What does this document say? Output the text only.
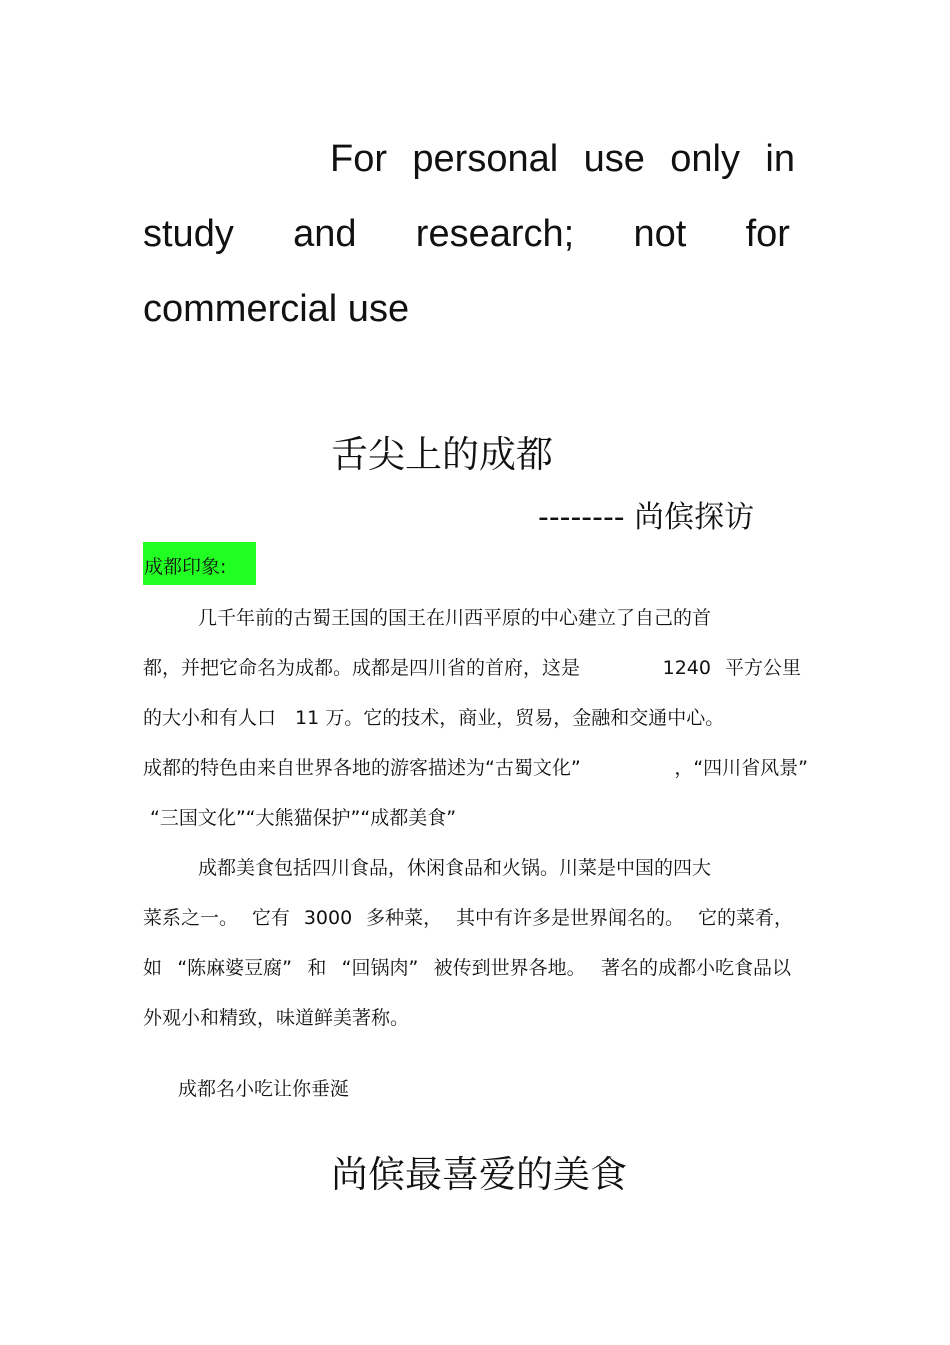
For personal use only in
study and research; not for
commercial use
舌尖上的成都
-------- 尚傧探访
成都印象:
几千年前的古蜀王国的国王在川西平原的中心建立了自己的首
都，并把它命名为成都。成都是四川省的首府，这是	1240 平方公里
的大小和有人口　11 万。它的技术，商业，贸易，金融和交通中心。
成都的特色由来自世界各地的游客描述为“古蜀文化”	，“四川省风景”
“三国文化”“大熊猫保护”“成都美食”
成都美食包括四川食品，休闲食品和火锅。川菜是中国的四大
菜系之一。 它有 3000 多种菜， 其中有许多是世界闻名的。 它的菜肴，
如 “陈麻婆豆腐” 和 “回锅肉” 被传到世界各地。 著名的成都小吃食品以
外观小和精致，味道鲜美著称。
成都名小吃让你垂涎
尚傧最喜爱的美食
